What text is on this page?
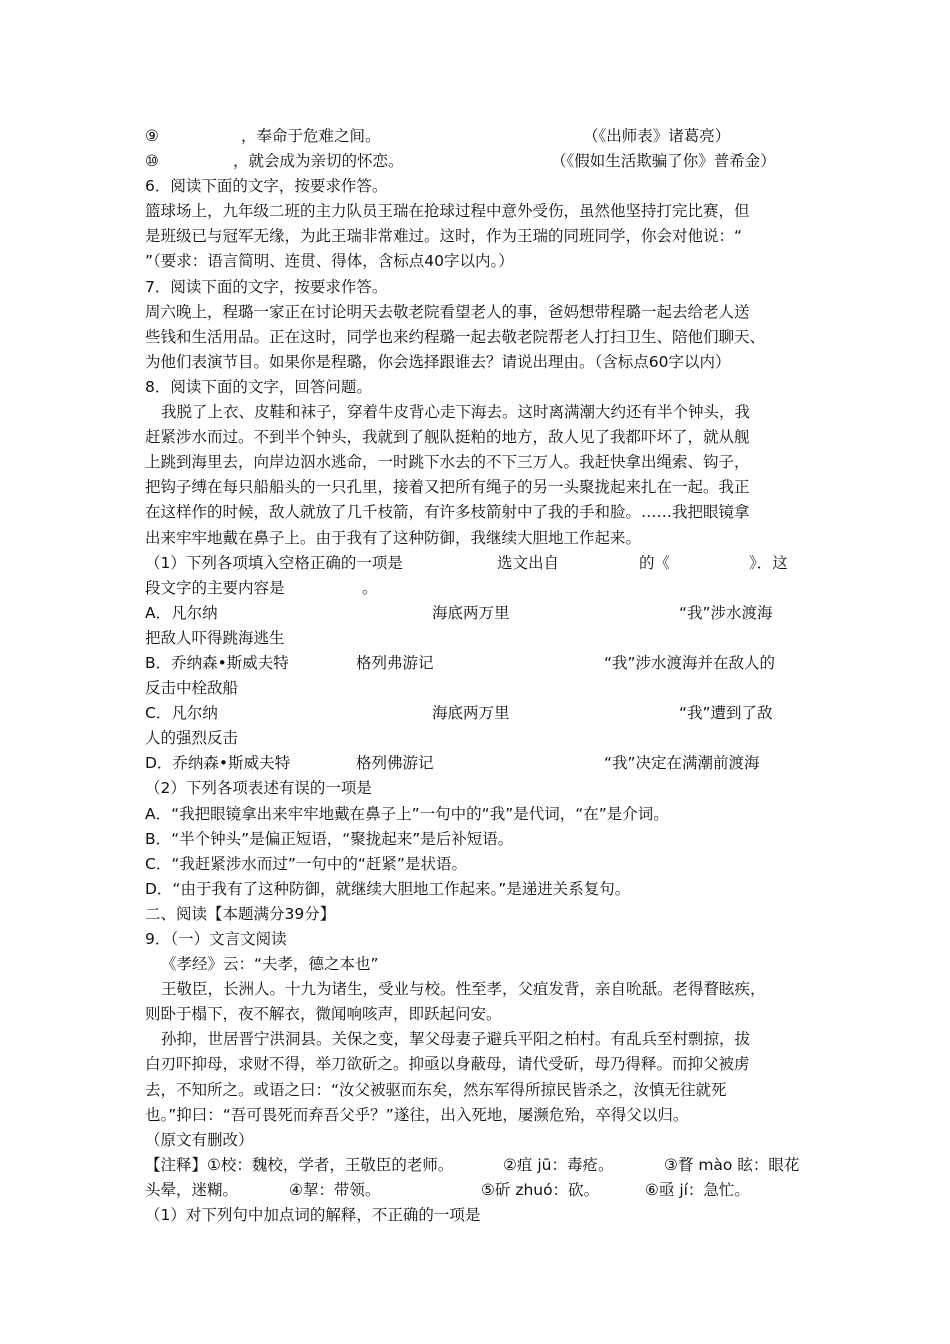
⑨	，奉命于危难之间。	（《出师表》诸葛亮）
⑩	，就会成为亲切的怀恋。	（《假如生活欺骗了你》普希金）
6．阅读下面的文字，按要求作答。
篮球场上，九年级二班的主力队员王瑞在抢球过程中意外受伤，虽然他坚持打完比赛，但
是班级已与冠军无缘，为此王瑞非常难过。这时，作为王瑞的同班同学，你会对他说：“
”（要求：语言简明、连贯、得体，含标点40字以内。）
7．阅读下面的文字，按要求作答。
周六晚上，程璐一家正在讨论明天去敬老院看望老人的事，爸妈想带程璐一起去给老人送
些钱和生活用品。正在这时，同学也来约程璐一起去敬老院帮老人打扫卫生、陪他们聊天、
为他们表演节目。如果你是程璐，你会选择跟谁去？请说出理由。（含标点60字以内）
8．阅读下面的文字，回答问题。
我脱了上衣、皮鞋和袜子，穿着牛皮背心走下海去。这时离满潮大约还有半个钟头，我
赶紧涉水而过。不到半个钟头，我就到了舰队挺粕的地方，敌人见了我都吓坏了，就从舰
上跳到海里去，向岸边泅水逃命，一时跳下水去的不下三万人。我赶快拿出绳索、钩子，
把钩子缚在每只船船头的一只孔里，接着又把所有绳子的另一头聚拢起来扎在一起。我正
在这样作的时候，敌人就放了几千枝箭，有许多枝箭射中了我的手和脸。……我把眼镜拿
出来牢牢地戴在鼻子上。由于我有了这种防御，我继续大胆地工作起来。
（1）下列各项填入空格正确的一项是	选文出自	的《	》．这
段文字的主要内容是　　　　　。
A．凡尔纳	海底两万里	“我”涉水渡海
把敌人吓得跳海逃生
B．乔纳森•斯威夫特	格列弗游记	“我”涉水渡海并在敌人的
反击中栓敌船
C．凡尔纳	海底两万里	“我”遭到了敌
人的强烈反击
D．乔纳森•斯威夫特	格列佛游记	“我”决定在满潮前渡海
（2）下列各项表述有误的一项是
A．“我把眼镜拿出来牢牢地戴在鼻子上”一句中的“我”是代词，“在”是介词。
B．“半个钟头”是偏正短语，“聚拢起来”是后补短语。
C．“我赶紧涉水而过”一句中的“赶紧”是状语。
D．“由于我有了这种防御，就继续大胆地工作起来。”是递进关系复句。
二、阅读【本题满分39分】
9．（一）文言文阅读
《孝经》云：“夫孝，德之本也”
王敬臣，长洲人。十九为诸生，受业与校。性至孝，父疽发背，亲自吮舐。老得瞀眩疾，
则卧于榻下，夜不解衣，微闻响咳声，即跃起问安。
孙抑，世居晋宁洪洞县。关保之变，挈父母妻子避兵平阳之柏村。有乱兵至村剽掠，拔
白刃吓抑母，求财不得，举刀欲斫之。抑亟以身蔽母，请代受斫，母乃得释。而抑父被虏
去，不知所之。或语之曰：“汝父被驱而东矣，然东军得所掠民皆杀之，汝慎无往就死
也。”抑曰：“吾可畏死而弃吾父乎？”遂往，出入死地，屡濒危殆，卒得父以归。
（原文有删改）
【注释】①校：魏校，学者，王敬臣的老师。	②疽 jū：毒疮。	③瞀 mào 眩：眼花
头晕，迷糊。	④挈：带领。	⑤斫 zhuó：砍。	⑥亟 jí：急忙。
（1）对下列句中加点词的解释，不正确的一项是
